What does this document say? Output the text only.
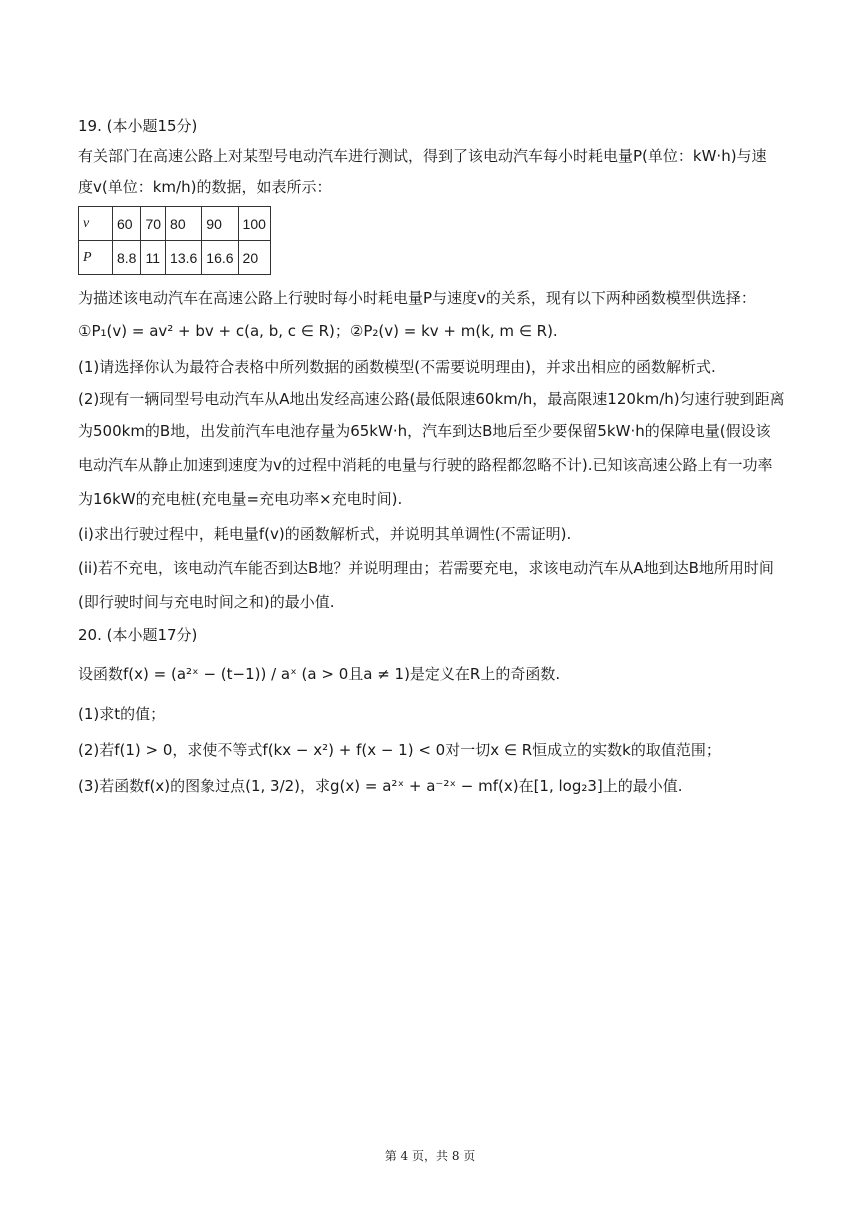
19. (本小题15分)
有关部门在高速公路上对某型号电动汽车进行测试，得到了该电动汽车每小时耗电量P(单位：kW·h)与速
度v(单位：km/h)的数据，如表所示：
v	60	70	80	90	100
P	8.8	11	13.6	16.6	20
为描述该电动汽车在高速公路上行驶时每小时耗电量P与速度v的关系，现有以下两种函数模型供选择：
①P₁(v) = av² + bv + c(a, b, c ∈ R)；②P₂(v) = kv + m(k, m ∈ R).
(1)请选择你认为最符合表格中所列数据的函数模型(不需要说明理由)，并求出相应的函数解析式.
(2)现有一辆同型号电动汽车从A地出发经高速公路(最低限速60km/h，最高限速120km/h)匀速行驶到距离
为500km的B地，出发前汽车电池存量为65kW·h，汽车到达B地后至少要保留5kW·h的保障电量(假设该
电动汽车从静止加速到速度为v的过程中消耗的电量与行驶的路程都忽略不计).已知该高速公路上有一功率
为16kW的充电桩(充电量=充电功率×充电时间).
(i)求出行驶过程中，耗电量f(v)的函数解析式，并说明其单调性(不需证明).
(ii)若不充电，该电动汽车能否到达B地？并说明理由；若需要充电，求该电动汽车从A地到达B地所用时间
(即行驶时间与充电时间之和)的最小值.
20. (本小题17分)
设函数f(x) = (a²ˣ − (t−1)) / aˣ (a > 0且a ≠ 1)是定义在R上的奇函数.
(1)求t的值；
(2)若f(1) > 0，求使不等式f(kx − x²) + f(x − 1) < 0对一切x ∈ R恒成立的实数k的取值范围；
(3)若函数f(x)的图象过点(1, 3/2)，求g(x) = a²ˣ + a⁻²ˣ − mf(x)在[1, log₂3]上的最小值.
第 4 页，共 8 页
